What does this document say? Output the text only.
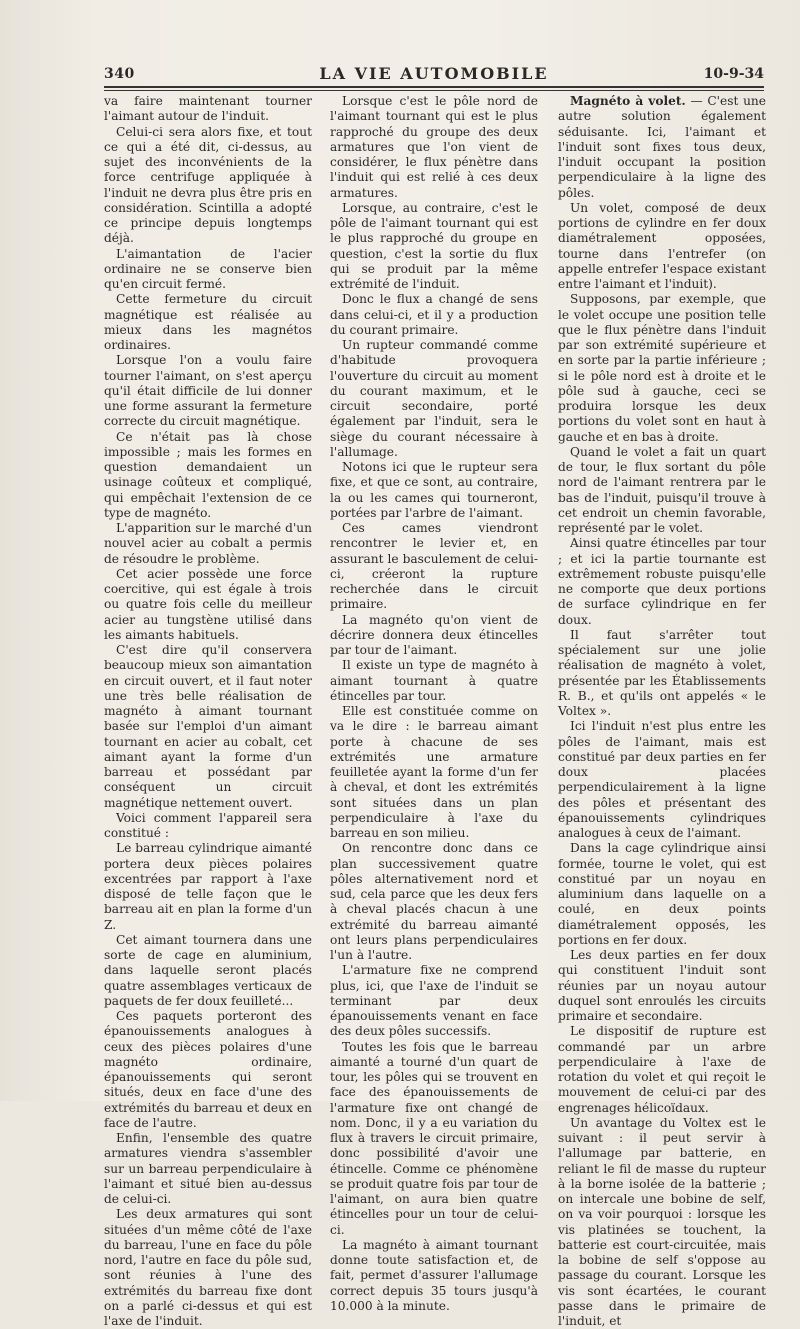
340	LA VIE AUTOMOBILE	10-9-34

va faire maintenant tourner l'aimant autour de l'induit.

Celui-ci sera alors fixe, et tout ce qui a été dit, ci-dessus, au sujet des inconvénients de la force centrifuge appliquée à l'induit ne devra plus être pris en considération. Scintilla a adopté ce principe depuis longtemps déjà.

L'aimantation de l'acier ordinaire ne se conserve bien qu'en circuit fermé.

Cette fermeture du circuit magnétique est réalisée au mieux dans les magnétos ordinaires.

Lorsque l'on a voulu faire tourner l'aimant, on s'est aperçu qu'il était difficile de lui donner une forme assurant la fermeture correcte du circuit magnétique.

Ce n'était pas là chose impossible ; mais les formes en question demandaient un usinage coûteux et compliqué, qui empêchait l'extension de ce type de magnéto.

L'apparition sur le marché d'un nouvel acier au cobalt a permis de résoudre le problème.

Cet acier possède une force coercitive, qui est égale à trois ou quatre fois celle du meilleur acier au tungstène utilisé dans les aimants habituels.

C'est dire qu'il conservera beaucoup mieux son aimantation en circuit ouvert, et il faut noter une très belle réalisation de magnéto à aimant tournant basée sur l'emploi d'un aimant tournant en acier au cobalt, cet aimant ayant la forme d'un barreau et possédant par conséquent un circuit magnétique nettement ouvert.

Voici comment l'appareil sera constitué :

Le barreau cylindrique aimanté portera deux pièces polaires excentrées par rapport à l'axe disposé de telle façon que le barreau ait en plan la forme d'un Z.

Cet aimant tournera dans une sorte de cage en aluminium, dans laquelle seront placés quatre assemblages verticaux de paquets de fer doux feuilleté...

Ces paquets porteront des épanouissements analogues à ceux des pièces polaires d'une magnéto ordinaire, épanouissements qui seront situés, deux en face d'une des extrémités du barreau et deux en face de l'autre.

Enfin, l'ensemble des quatre armatures viendra s'assembler sur un barreau perpendiculaire à l'aimant et situé bien au-dessus de celui-ci.

Les deux armatures qui sont situées d'un même côté de l'axe du barreau, l'une en face du pôle nord, l'autre en face du pôle sud, sont réunies à l'une des extrémités du barreau fixe dont on a parlé ci-dessus et qui est l'axe de l'induit.

Lorsque c'est le pôle nord de l'aimant tournant qui est le plus rapproché du groupe des deux armatures que l'on vient de considérer, le flux pénètre dans l'induit qui est relié à ces deux armatures.

Lorsque, au contraire, c'est le pôle de l'aimant tournant qui est le plus rapproché du groupe en question, c'est la sortie du flux qui se produit par la même extrémité de l'induit.

Donc le flux a changé de sens dans celui-ci, et il y a production du courant primaire.

Un rupteur commandé comme d'habitude provoquera l'ouverture du circuit au moment du courant maximum, et le circuit secondaire, porté également par l'induit, sera le siège du courant nécessaire à l'allumage.

Notons ici que le rupteur sera fixe, et que ce sont, au contraire, la ou les cames qui tourneront, portées par l'arbre de l'aimant.

Ces cames viendront rencontrer le levier et, en assurant le basculement de celui-ci, créeront la rupture recherchée dans le circuit primaire.

La magnéto qu'on vient de décrire donnera deux étincelles par tour de l'aimant.

Il existe un type de magnéto à aimant tournant à quatre étincelles par tour.

Elle est constituée comme on va le dire : le barreau aimant porte à chacune de ses extrémités une armature feuilletée ayant la forme d'un fer à cheval, et dont les extrémités sont situées dans un plan perpendiculaire à l'axe du barreau en son milieu.

On rencontre donc dans ce plan successivement quatre pôles alternativement nord et sud, cela parce que les deux fers à cheval placés chacun à une extrémité du barreau aimanté ont leurs plans perpendiculaires l'un à l'autre.

L'armature fixe ne comprend plus, ici, que l'axe de l'induit se terminant par deux épanouissements venant en face des deux pôles successifs.

Toutes les fois que le barreau aimanté a tourné d'un quart de tour, les pôles qui se trouvent en face des épanouissements de l'armature fixe ont changé de nom. Donc, il y a eu variation du flux à travers le circuit primaire, donc possibilité d'avoir une étincelle. Comme ce phénomène se produit quatre fois par tour de l'aimant, on aura bien quatre étincelles pour un tour de celui-ci.

La magnéto à aimant tournant donne toute satisfaction et, de fait, permet d'assurer l'allumage correct depuis 35 tours jusqu'à 10.000 à la minute.

Magnéto à volet. — C'est une autre solution également séduisante. Ici, l'aimant et l'induit sont fixes tous deux, l'induit occupant la position perpendiculaire à la ligne des pôles.

Un volet, composé de deux portions de cylindre en fer doux diamétralement opposées, tourne dans l'entrefer (on appelle entrefer l'espace existant entre l'aimant et l'induit).

Supposons, par exemple, que le volet occupe une position telle que le flux pénètre dans l'induit par son extrémité supérieure et en sorte par la partie inférieure ; si le pôle nord est à droite et le pôle sud à gauche, ceci se produira lorsque les deux portions du volet sont en haut à gauche et en bas à droite.

Quand le volet a fait un quart de tour, le flux sortant du pôle nord de l'aimant rentrera par le bas de l'induit, puisqu'il trouve à cet endroit un chemin favorable, représenté par le volet.

Ainsi quatre étincelles par tour ; et ici la partie tournante est extrêmement robuste puisqu'elle ne comporte que deux portions de surface cylindrique en fer doux.

Il faut s'arrêter tout spécialement sur une jolie réalisation de magnéto à volet, présentée par les Établissements R. B., et qu'ils ont appelés « le Voltex ».

Ici l'induit n'est plus entre les pôles de l'aimant, mais est constitué par deux parties en fer doux placées perpendiculairement à la ligne des pôles et présentant des épanouissements cylindriques analogues à ceux de l'aimant.

Dans la cage cylindrique ainsi formée, tourne le volet, qui est constitué par un noyau en aluminium dans laquelle on a coulé, en deux points diamétralement opposés, les portions en fer doux.

Les deux parties en fer doux qui constituent l'induit sont réunies par un noyau autour duquel sont enroulés les circuits primaire et secondaire.

Le dispositif de rupture est commandé par un arbre perpendiculaire à l'axe de rotation du volet et qui reçoit le mouvement de celui-ci par des engrenages hélicoïdaux.

Un avantage du Voltex est le suivant : il peut servir à l'allumage par batterie, en reliant le fil de masse du rupteur à la borne isolée de la batterie ; on intercale une bobine de self, on va voir pourquoi : lorsque les vis platinées se touchent, la batterie est court-circuitée, mais la bobine de self s'oppose au passage du courant. Lorsque les vis sont écartées, le courant passe dans le primaire de l'induit, et
